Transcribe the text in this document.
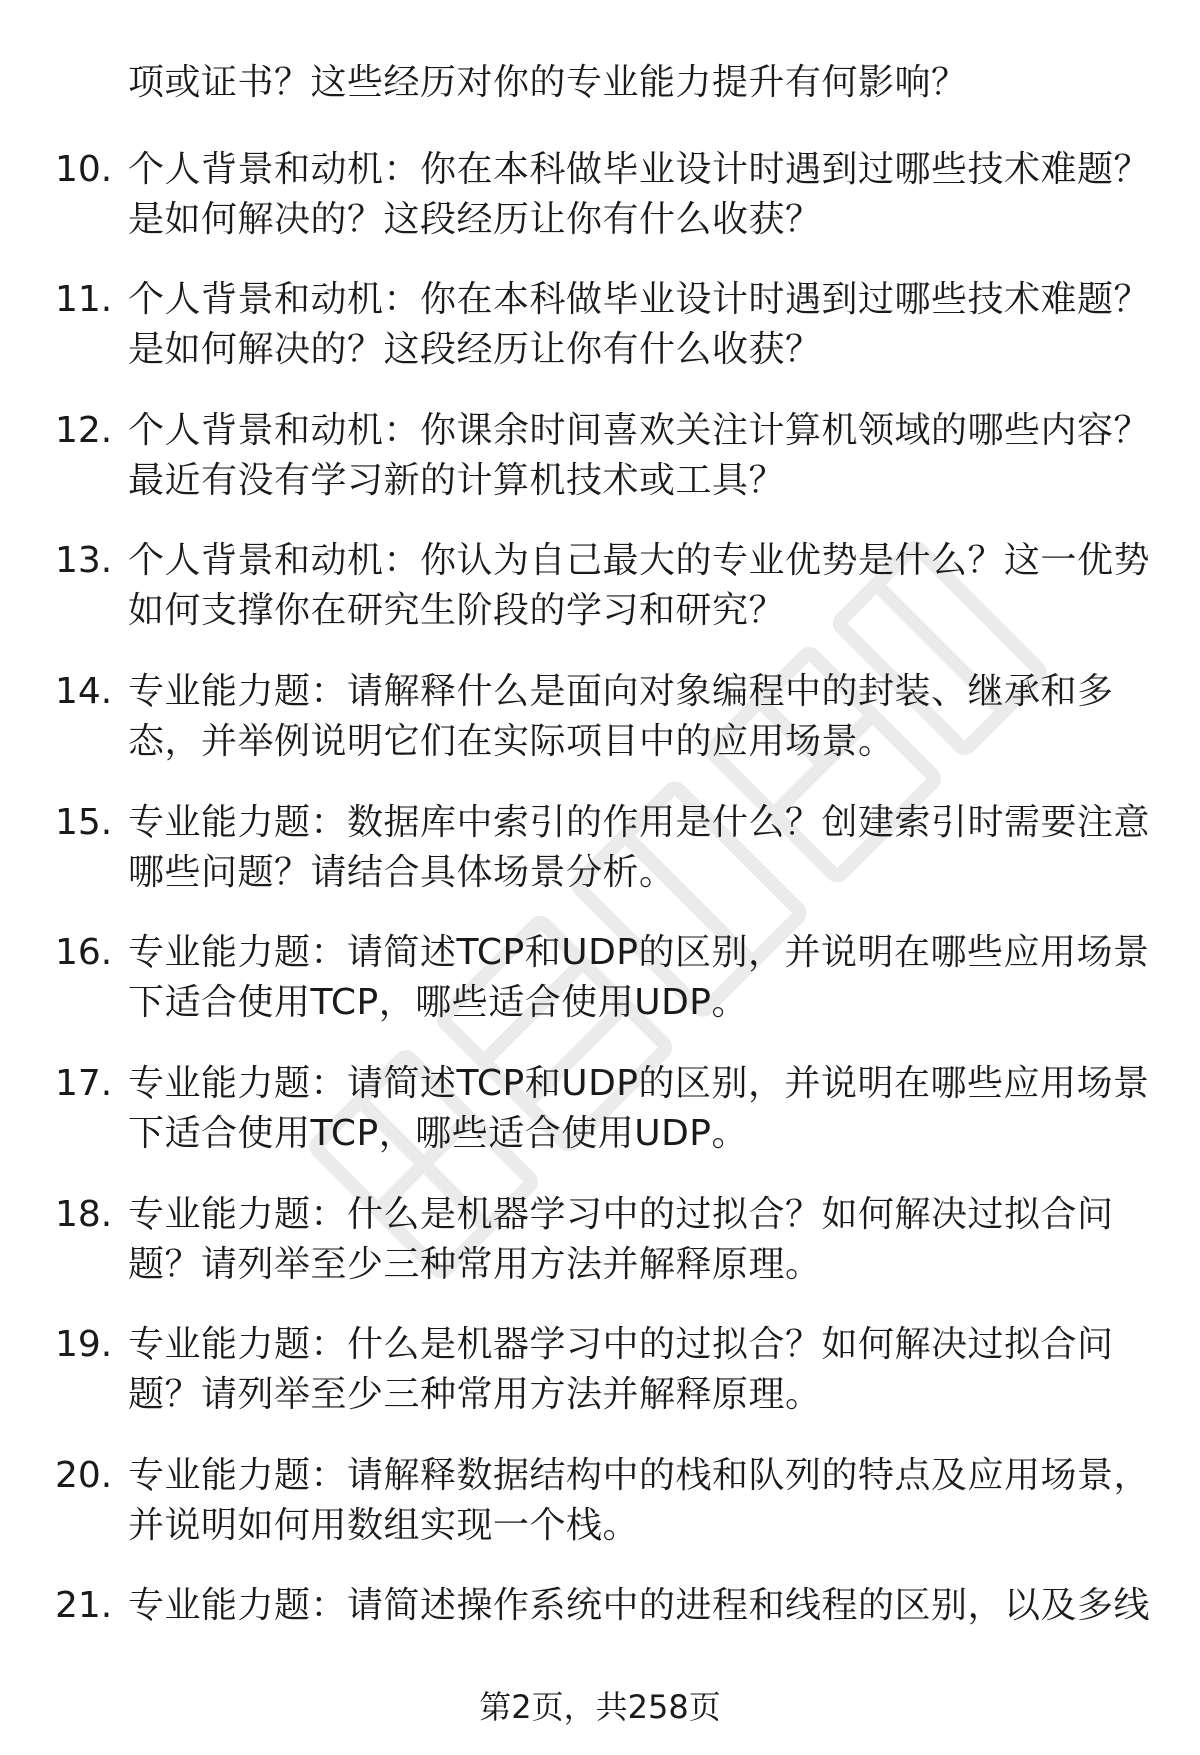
项或证书？这些经历对你的专业能力提升有何影响？
10. 个人背景和动机：你在本科做毕业设计时遇到过哪些技术难题？
是如何解决的？这段经历让你有什么收获？
11. 个人背景和动机：你在本科做毕业设计时遇到过哪些技术难题？
是如何解决的？这段经历让你有什么收获？
12. 个人背景和动机：你课余时间喜欢关注计算机领域的哪些内容？
最近有没有学习新的计算机技术或工具？
13. 个人背景和动机：你认为自己最大的专业优势是什么？这一优势
如何支撑你在研究生阶段的学习和研究？
14. 专业能力题：请解释什么是面向对象编程中的封装、继承和多
态，并举例说明它们在实际项目中的应用场景。
15. 专业能力题：数据库中索引的作用是什么？创建索引时需要注意
哪些问题？请结合具体场景分析。
16. 专业能力题：请简述TCP和UDP的区别，并说明在哪些应用场景
下适合使用TCP，哪些适合使用UDP。
17. 专业能力题：请简述TCP和UDP的区别，并说明在哪些应用场景
下适合使用TCP，哪些适合使用UDP。
18. 专业能力题：什么是机器学习中的过拟合？如何解决过拟合问
题？请列举至少三种常用方法并解释原理。
19. 专业能力题：什么是机器学习中的过拟合？如何解决过拟合问
题？请列举至少三种常用方法并解释原理。
20. 专业能力题：请解释数据结构中的栈和队列的特点及应用场景，
并说明如何用数组实现一个栈。
21. 专业能力题：请简述操作系统中的进程和线程的区别，以及多线
第2页，共258页
